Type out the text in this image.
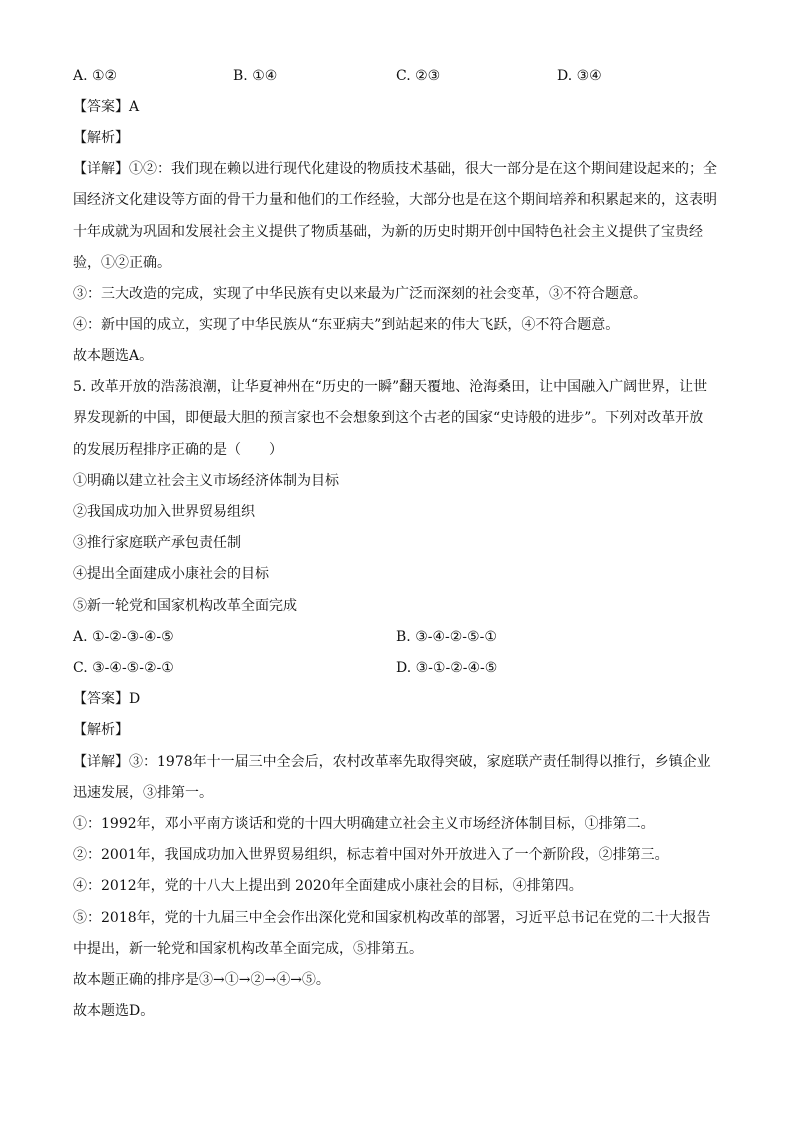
A. ①②	B. ①④	C. ②③	D. ③④
【答案】A
【解析】
【详解】①②：我们现在赖以进行现代化建设的物质技术基础，很大一部分是在这个期间建设起来的；全
国经济文化建设等方面的骨干力量和他们的工作经验，大部分也是在这个期间培养和积累起来的，这表明
十年成就为巩固和发展社会主义提供了物质基础，为新的历史时期开创中国特色社会主义提供了宝贵经
验，①②正确。
③：三大改造的完成，实现了中华民族有史以来最为广泛而深刻的社会变革，③不符合题意。
④：新中国的成立，实现了中华民族从“东亚病夫”到站起来的伟大飞跃，④不符合题意。
故本题选A。
5. 改革开放的浩荡浪潮，让华夏神州在“历史的一瞬”翻天覆地、沧海桑田，让中国融入广阔世界，让世
界发现新的中国，即便最大胆的预言家也不会想象到这个古老的国家“史诗般的进步”。下列对改革开放
的发展历程排序正确的是（　　）
①明确以建立社会主义市场经济体制为目标
②我国成功加入世界贸易组织
③推行家庭联产承包责任制
④提出全面建成小康社会的目标
⑤新一轮党和国家机构改革全面完成
A. ①-②-③-④-⑤	B. ③-④-②-⑤-①
C. ③-④-⑤-②-①	D. ③-①-②-④-⑤
【答案】D
【解析】
【详解】③：1978年十一届三中全会后，农村改革率先取得突破，家庭联产责任制得以推行，乡镇企业
迅速发展，③排第一。
①：1992年，邓小平南方谈话和党的十四大明确建立社会主义市场经济体制目标，①排第二。
②：2001年，我国成功加入世界贸易组织，标志着中国对外开放进入了一个新阶段，②排第三。
④：2012年，党的十八大上提出到 2020年全面建成小康社会的目标，④排第四。
⑤：2018年，党的十九届三中全会作出深化党和国家机构改革的部署，习近平总书记在党的二十大报告
中提出，新一轮党和国家机构改革全面完成，⑤排第五。
故本题正确的排序是③→①→②→④→⑤。
故本题选D。
